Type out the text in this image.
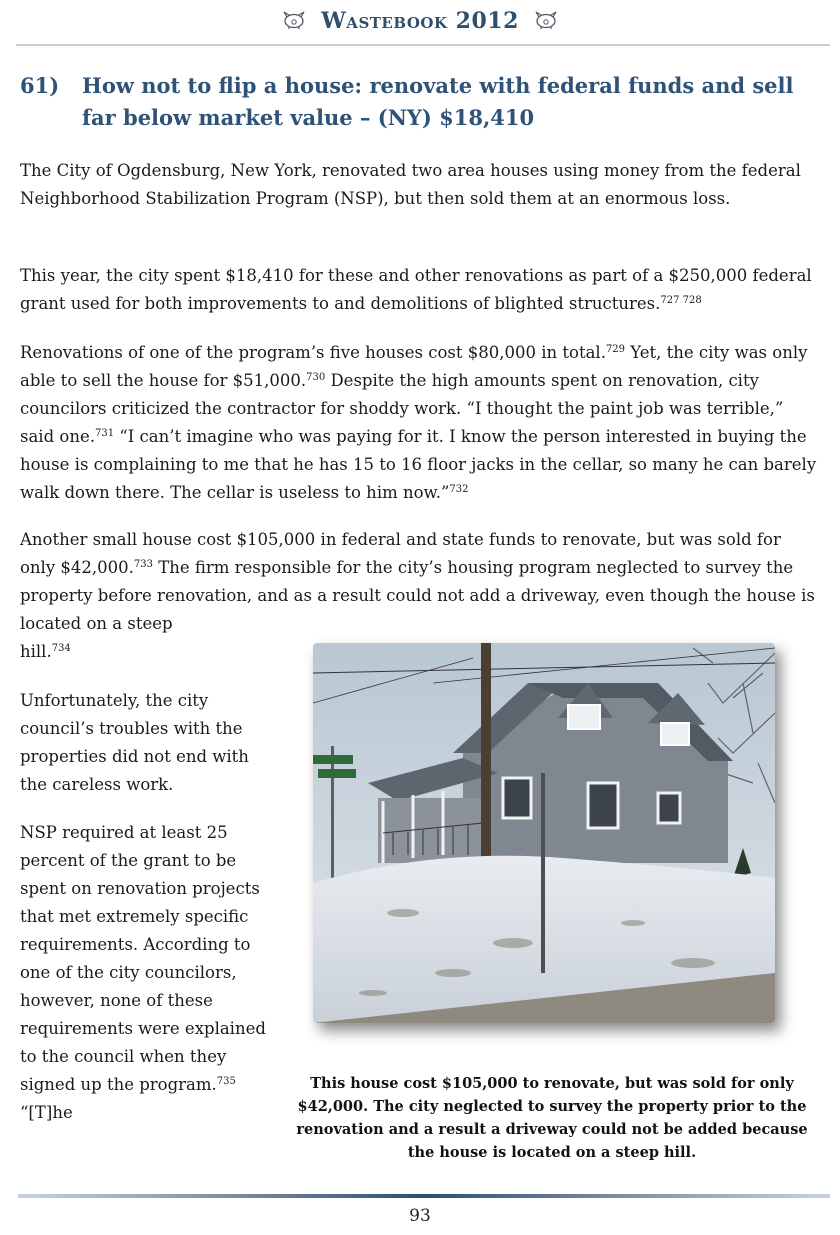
Wastebook 2012
61) How not to flip a house: renovate with federal funds and sell far below market value – (NY) $18,410

The City of Ogdensburg, New York, renovated two area houses using money from the federal Neighborhood Stabilization Program (NSP), but then sold them at an enormous loss.

This year, the city spent $18,410 for these and other renovations as part of a $250,000 federal grant used for both improvements to and demolitions of blighted structures.$^{727 728}$

Renovations of one of the program’s five houses cost $80,000 in total.$^{729}$ Yet, the city was only able to sell the house for $51,000.$^{730}$ Despite the high amounts spent on renovation, city councilors criticized the contractor for shoddy work. “I thought the paint job was terrible,” said one.$^{731}$ “I can’t imagine who was paying for it. I know the person interested in buying the house is complaining to me that he has 15 to 16 floor jacks in the cellar, so many he can barely walk down there. The cellar is useless to him now.”$^{732}$

Another small house cost $105,000 in federal and state funds to renovate, but was sold for only $42,000.$^{733}$ The firm responsible for the city’s housing program neglected to survey the property before renovation, and as a result could not add a driveway, even though the house is located on a steep

hill.$^{734}$

Unfortunately, the city council’s troubles with the properties did not end with the careless work.

NSP required at least 25 percent of the grant to be spent on renovation projects that met extremely specific requirements. According to one of the city councilors, however, none of these requirements were explained to the council when they signed up the program.$^{735}$ “[T]he

This house cost $105,000 to renovate, but was sold for only $42,000. The city neglected to survey the property prior to the renovation and a result a driveway could not be added because the house is located on a steep hill.
93
